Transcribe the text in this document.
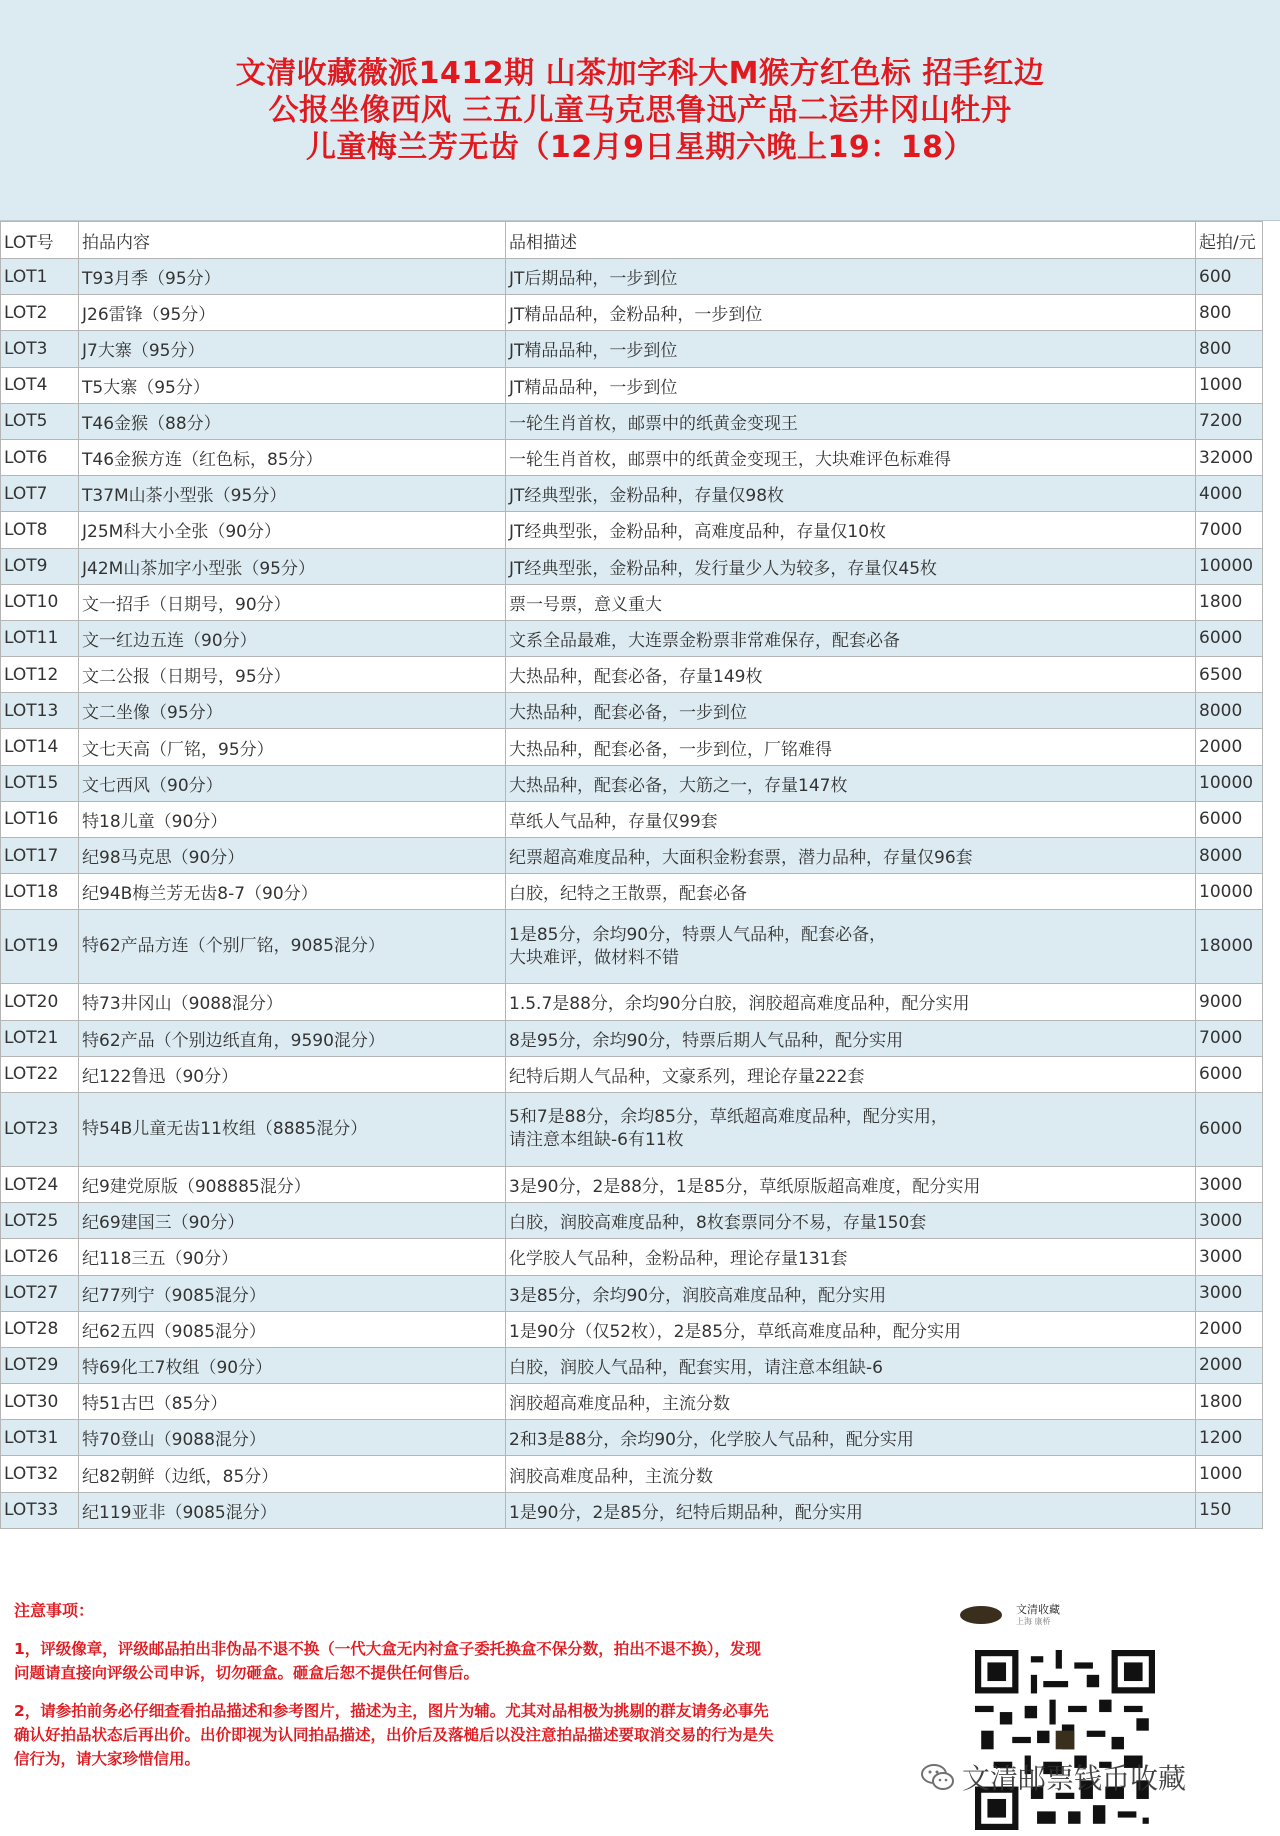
文清收藏薇派1412期 山茶加字科大M猴方红色标 招手红边
公报坐像西风 三五儿童马克思鲁迅产品二运井冈山牡丹
儿童梅兰芳无齿（12月9日星期六晚上19：18）
LOT号	拍品内容	品相描述	起拍/元
LOT1	T93月季（95分）	JT后期品种，一步到位	600
LOT2	J26雷锋（95分）	JT精品品种，金粉品种，一步到位	800
LOT3	J7大寨（95分）	JT精品品种，一步到位	800
LOT4	T5大寨（95分）	JT精品品种，一步到位	1000
LOT5	T46金猴（88分）	一轮生肖首枚，邮票中的纸黄金变现王	7200
LOT6	T46金猴方连（红色标，85分）	一轮生肖首枚，邮票中的纸黄金变现王，大块难评色标难得	32000
LOT7	T37M山茶小型张（95分）	JT经典型张，金粉品种，存量仅98枚	4000
LOT8	J25M科大小全张（90分）	JT经典型张，金粉品种，高难度品种，存量仅10枚	7000
LOT9	J42M山茶加字小型张（95分）	JT经典型张，金粉品种，发行量少人为较多，存量仅45枚	10000
LOT10	文一招手（日期号，90分）	票一号票，意义重大	1800
LOT11	文一红边五连（90分）	文系全品最难，大连票金粉票非常难保存，配套必备	6000
LOT12	文二公报（日期号，95分）	大热品种，配套必备，存量149枚	6500
LOT13	文二坐像（95分）	大热品种，配套必备，一步到位	8000
LOT14	文七天高（厂铭，95分）	大热品种，配套必备，一步到位，厂铭难得	2000
LOT15	文七西风（90分）	大热品种，配套必备，大筋之一，存量147枚	10000
LOT16	特18儿童（90分）	草纸人气品种，存量仅99套	6000
LOT17	纪98马克思（90分）	纪票超高难度品种，大面积金粉套票，潜力品种，存量仅96套	8000
LOT18	纪94B梅兰芳无齿8-7（90分）	白胶，纪特之王散票，配套必备	10000
LOT19	特62产品方连（个别厂铭，9085混分）	1是85分，余均90分，特票人气品种，配套必备，
大块难评，做材料不错	18000
LOT20	特73井冈山（9088混分）	1.5.7是88分，余均90分白胶，润胶超高难度品种，配分实用	9000
LOT21	特62产品（个别边纸直角，9590混分）	8是95分，余均90分，特票后期人气品种，配分实用	7000
LOT22	纪122鲁迅（90分）	纪特后期人气品种，文豪系列，理论存量222套	6000
LOT23	特54B儿童无齿11枚组（8885混分）	5和7是88分，余均85分，草纸超高难度品种，配分实用，
请注意本组缺-6有11枚	6000
LOT24	纪9建党原版（908885混分）	3是90分，2是88分，1是85分，草纸原版超高难度，配分实用	3000
LOT25	纪69建国三（90分）	白胶，润胶高难度品种，8枚套票同分不易，存量150套	3000
LOT26	纪118三五（90分）	化学胶人气品种，金粉品种，理论存量131套	3000
LOT27	纪77列宁（9085混分）	3是85分，余均90分，润胶高难度品种，配分实用	3000
LOT28	纪62五四（9085混分）	1是90分（仅52枚），2是85分，草纸高难度品种，配分实用	2000
LOT29	特69化工7枚组（90分）	白胶，润胶人气品种，配套实用，请注意本组缺-6	2000
LOT30	特51古巴（85分）	润胶超高难度品种，主流分数	1800
LOT31	特70登山（9088混分）	2和3是88分，余均90分，化学胶人气品种，配分实用	1200
LOT32	纪82朝鲜（边纸，85分）	润胶高难度品种，主流分数	1000
LOT33	纪119亚非（9085混分）	1是90分，2是85分，纪特后期品种，配分实用	150
注意事项：

1，评级像章，评级邮品拍出非伪品不退不换（一代大盒无内衬盒子委托换盒不保分数，拍出不退不换），发现问题请直接向评级公司申诉，切勿砸盒。砸盒后恕不提供任何售后。

2，请参拍前务必仔细查看拍品描述和参考图片，描述为主，图片为辅。尤其对品相极为挑剔的群友请务必事先确认好拍品状态后再出价。出价即视为认同拍品描述，出价后及落槌后以没注意拍品描述要取消交易的行为是失信行为，请大家珍惜信用。

文清收藏
上海 康桥
文清邮票钱币收藏
